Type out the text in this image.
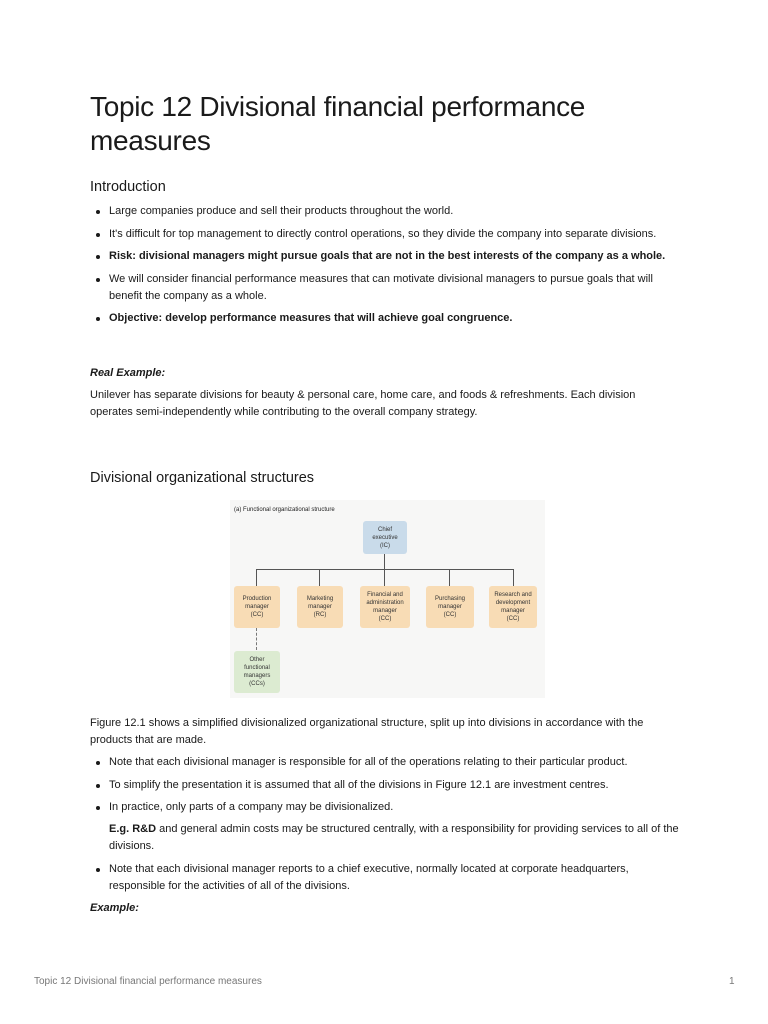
Topic 12 Divisional financial performance measures
Introduction
Large companies produce and sell their products throughout the world.
It's difficult for top management to directly control operations, so they divide the company into separate divisions.
Risk: divisional managers might pursue goals that are not in the best interests of the company as a whole.
We will consider financial performance measures that can motivate divisional managers to pursue goals that will benefit the company as a whole.
Objective: develop performance measures that will achieve goal congruence.

Real Example:

Unilever has separate divisions for beauty & personal care, home care, and foods & refreshments. Each division operates semi-independently while contributing to the overall company strategy.

Divisional organizational structures
(a) Functional organizational structure
Chief
executive
(IC)
Production
manager
(CC)
Marketing
manager
(RC)
Financial and
administration
manager
(CC)
Purchasing
manager
(CC)
Research and
development
manager
(CC)
Other
functional
managers
(CCs)

Figure 12.1 shows a simplified divisionalized organizational structure, split up into divisions in accordance with the products that are made.

Note that each divisional manager is responsible for all of the operations relating to their particular product.
To simplify the presentation it is assumed that all of the divisions in Figure 12.1 are investment centres.
In practice, only parts of a company may be divisionalized.
E.g. R&D and general admin costs may be structured centrally, with a responsibility for providing services to all of the divisions.
Note that each divisional manager reports to a chief executive, normally located at corporate headquarters, responsible for the activities of all of the divisions.

Example:

Topic 12 Divisional financial performance measures	1
